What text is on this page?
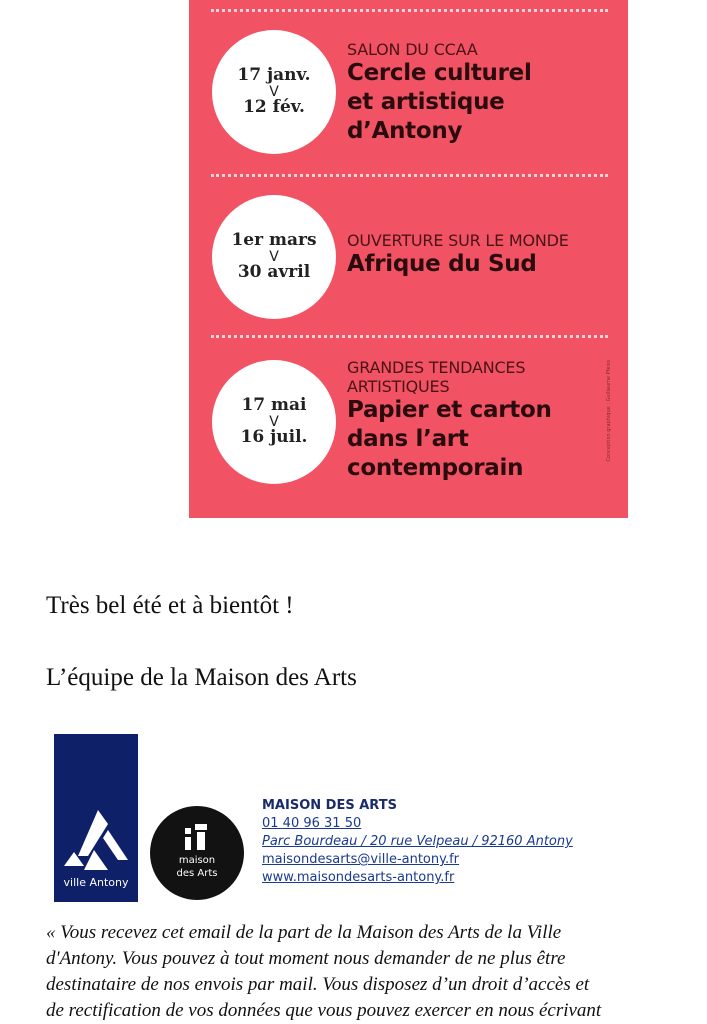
17 janv.
V
12 fév.
SALON DU CCAA
Cercle culturel
et artistique
d’Antony
1er mars
V
30 avril
OUVERTURE SUR LE MONDE
Afrique du Sud
17 mai
V
16 juil.
GRANDES TENDANCES
ARTISTIQUES
Papier et carton
dans l’art
contemporain
Conception graphique : Guillaume Pfeiss
Très bel été et à bientôt !
L’équipe de la Maison des Arts
ville Antony
maison
des Arts
MAISON DES ARTS
01 40 96 31 50
Parc Bourdeau / 20 rue Velpeau / 92160 Antony
maisondesarts@ville-antony.fr
www.maisondesarts-antony.fr
« Vous recevez cet email de la part de la Maison des Arts de la Ville
d'Antony. Vous pouvez à tout moment nous demander de ne plus être
destinataire de nos envois par mail. Vous disposez d’un droit d’accès et
de rectification de vos données que vous pouvez exercer en nous écrivant
